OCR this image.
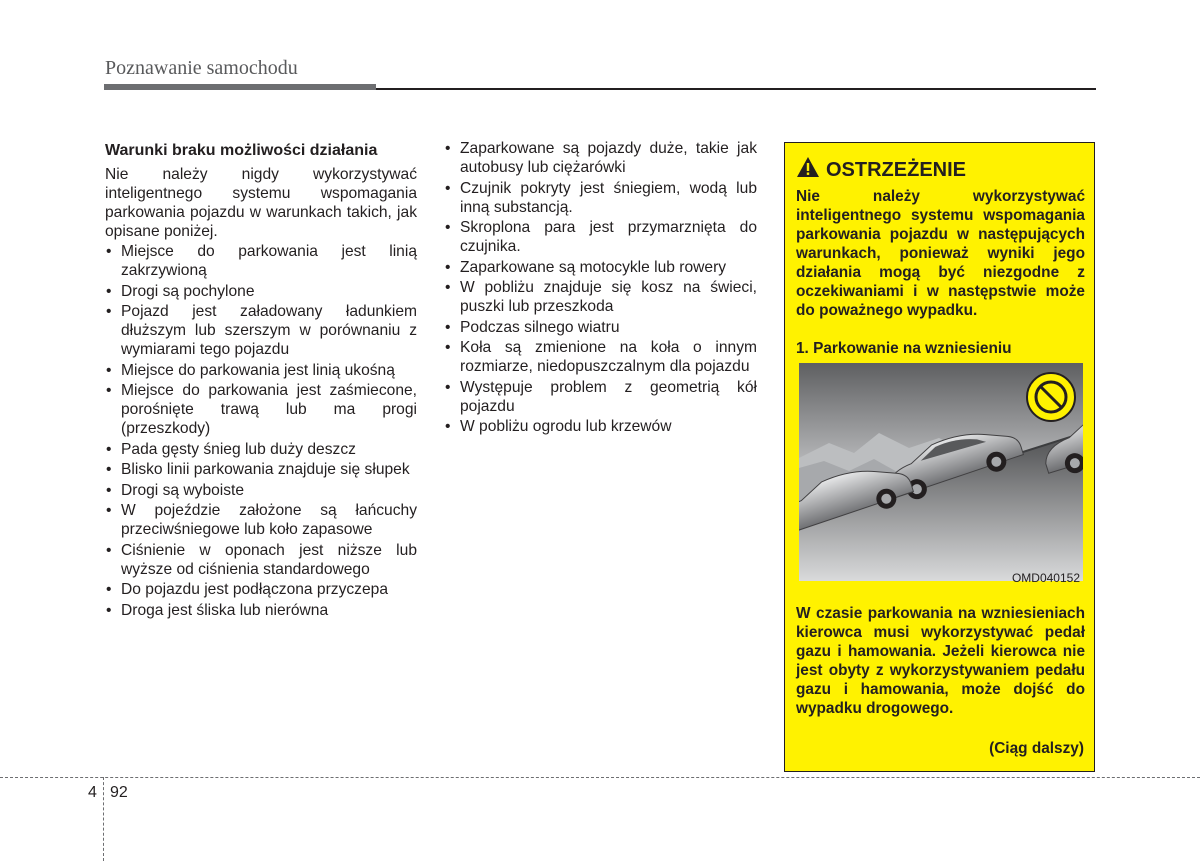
Poznawanie samochodu
Warunki braku możliwości działania
Nie należy nigdy wykorzystywać inteligentnego systemu wspomagania parkowania pojazdu w warunkach takich, jak opisane poniżej.
• Miejsce do parkowania jest linią zakrzywioną
• Drogi są pochylone
• Pojazd jest załadowany ładunkiem dłuższym lub szerszym w porównaniu z wymiarami tego pojazdu
• Miejsce do parkowania jest linią ukośną
• Miejsce do parkowania jest zaśmiecone, porośnięte trawą lub ma progi (przeszkody)
• Pada gęsty śnieg lub duży deszcz
• Blisko linii parkowania znajduje się słupek
• Drogi są wyboiste
• W pojeździe założone są łańcuchy przeciwśniegowe lub koło zapasowe
• Ciśnienie w oponach jest niższe lub wyższe od ciśnienia standardowego
• Do pojazdu jest podłączona przyczepa
• Droga jest śliska lub nierówna
• Zaparkowane są pojazdy duże, takie jak autobusy lub ciężarówki
• Czujnik pokryty jest śniegiem, wodą lub inną substancją.
• Skroplona para jest przymarznięta do czujnika.
• Zaparkowane są motocykle lub rowery
• W pobliżu znajduje się kosz na świeci, puszki lub przeszkoda
• Podczas silnego wiatru
• Koła są zmienione na koła o innym rozmiarze, niedopuszczalnym dla pojazdu
• Występuje problem z geometrią kół pojazdu
• W pobliżu ogrodu lub krzewów
OSTRZEŻENIE
Nie należy wykorzystywać inteligentnego systemu wspomagania parkowania pojazdu w następujących warunkach, ponieważ wyniki jego działania mogą być niezgodne z oczekiwaniami i w następstwie może do poważnego wypadku.
1. Parkowanie na wzniesieniu
OMD040152
W czasie parkowania na wzniesieniach kierowca musi wykorzystywać pedał gazu i hamowania. Jeżeli kierowca nie jest obyty z wykorzystywaniem pedału gazu i hamowania, może dojść do wypadku drogowego.
(Ciąg dalszy)
4 92
